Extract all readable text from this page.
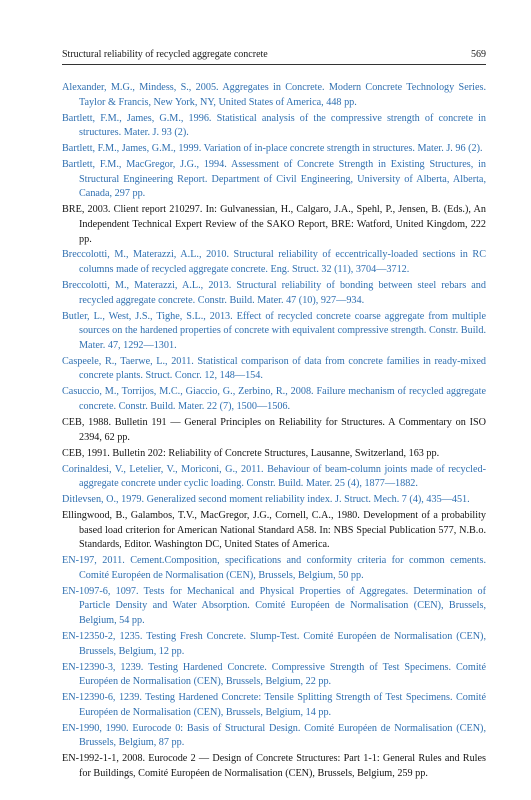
Structural reliability of recycled aggregate concrete	569
Alexander, M.G., Mindess, S., 2005. Aggregates in Concrete. Modern Concrete Technology Series. Taylor & Francis, New York, NY, United States of America, 448 pp.
Bartlett, F.M., James, G.M., 1996. Statistical analysis of the compressive strength of concrete in structures. Mater. J. 93 (2).
Bartlett, F.M., James, G.M., 1999. Variation of in-place concrete strength in structures. Mater. J. 96 (2).
Bartlett, F.M., MacGregor, J.G., 1994. Assessment of Concrete Strength in Existing Structures, in Structural Engineering Report. Department of Civil Engineering, University of Alberta, Alberta, Canada, 297 pp.
BRE, 2003. Client report 210297. In: Gulvanessian, H., Calgaro, J.A., Spehl, P., Jensen, B. (Eds.), An Independent Technical Expert Review of the SAKO Report, BRE: Watford, United Kingdom, 222 pp.
Breccolotti, M., Materazzi, A.L., 2010. Structural reliability of eccentrically-loaded sections in RC columns made of recycled aggregate concrete. Eng. Struct. 32 (11), 3704—3712.
Breccolotti, M., Materazzi, A.L., 2013. Structural reliability of bonding between steel rebars and recycled aggregate concrete. Constr. Build. Mater. 47 (10), 927—934.
Butler, L., West, J.S., Tighe, S.L., 2013. Effect of recycled concrete coarse aggregate from multiple sources on the hardened properties of concrete with equivalent compressive strength. Constr. Build. Mater. 47, 1292—1301.
Caspeele, R., Taerwe, L., 2011. Statistical comparison of data from concrete families in ready-mixed concrete plants. Struct. Concr. 12, 148—154.
Casuccio, M., Torrijos, M.C., Giaccio, G., Zerbino, R., 2008. Failure mechanism of recycled aggregate concrete. Constr. Build. Mater. 22 (7), 1500—1506.
CEB, 1988. Bulletin 191 — General Principles on Reliability for Structures. A Commentary on ISO 2394, 62 pp.
CEB, 1991. Bulletin 202: Reliability of Concrete Structures, Lausanne, Switzerland, 163 pp.
Corinaldesi, V., Letelier, V., Moriconi, G., 2011. Behaviour of beam-column joints made of recycled-aggregate concrete under cyclic loading. Constr. Build. Mater. 25 (4), 1877—1882.
Ditlevsen, O., 1979. Generalized second moment reliability index. J. Struct. Mech. 7 (4), 435—451.
Ellingwood, B., Galambos, T.V., MacGregor, J.G., Cornell, C.A., 1980. Development of a probability based load criterion for American National Standard A58. In: NBS Special Publication 577, N.B.o. Standards, Editor. Washington DC, United States of America.
EN-197, 2011. Cement.Composition, specifications and conformity criteria for common cements. Comité Européen de Normalisation (CEN), Brussels, Belgium, 50 pp.
EN-1097-6, 1097. Tests for Mechanical and Physical Properties of Aggregates. Determination of Particle Density and Water Absorption. Comité Européen de Normalisation (CEN), Brussels, Belgium, 54 pp.
EN-12350-2, 1235. Testing Fresh Concrete. Slump-Test. Comité Européen de Normalisation (CEN), Brussels, Belgium, 12 pp.
EN-12390-3, 1239. Testing Hardened Concrete. Compressive Strength of Test Specimens. Comité Européen de Normalisation (CEN), Brussels, Belgium, 22 pp.
EN-12390-6, 1239. Testing Hardened Concrete: Tensile Splitting Strength of Test Specimens. Comité Européen de Normalisation (CEN), Brussels, Belgium, 14 pp.
EN-1990, 1990. Eurocode 0: Basis of Structural Design. Comité Européen de Normalisation (CEN), Brussels, Belgium, 87 pp.
EN-1992-1-1, 2008. Eurocode 2 — Design of Concrete Structures: Part 1-1: General Rules and Rules for Buildings, Comité Européen de Normalisation (CEN), Brussels, Belgium, 259 pp.
